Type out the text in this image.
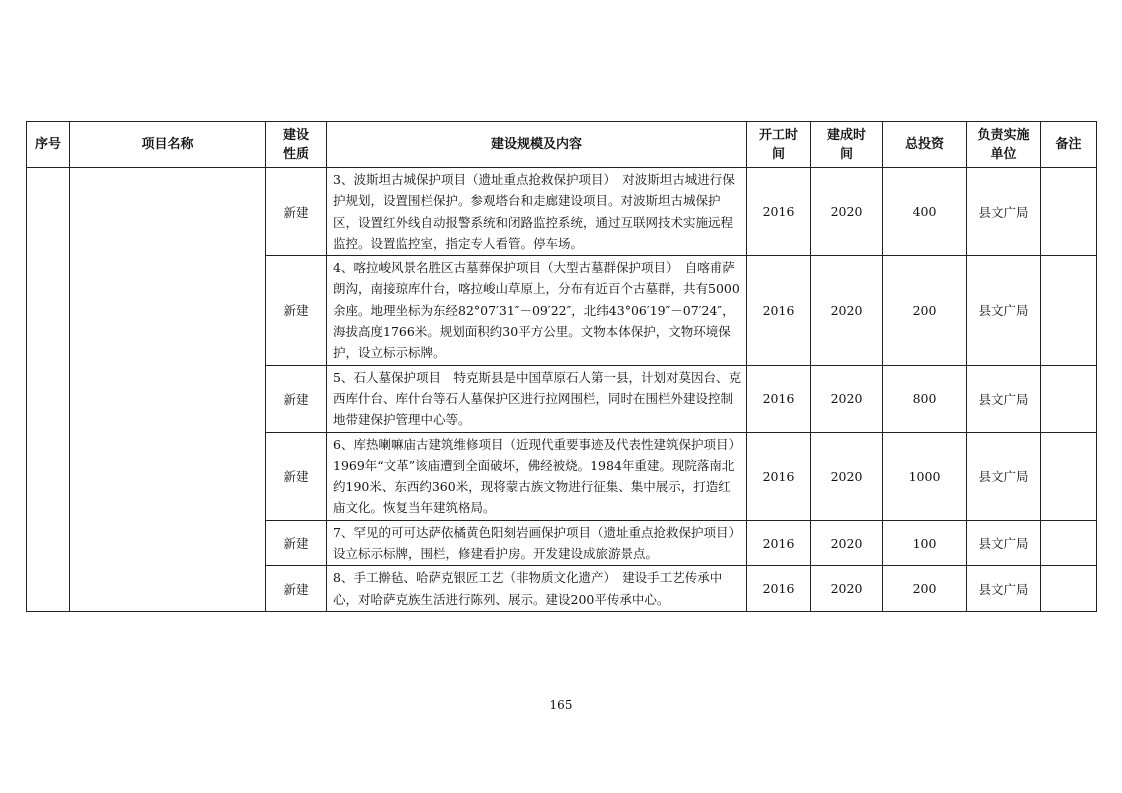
序号	项目名称	建设性质	建设规模及内容	开工时间	建成时间	总投资	负责实施单位	备注
		新建	3、波斯坦古城保护项目（遗址重点抢救保护项目）　对波斯坦古城进行保护规划，设置围栏保护。参观塔台和走廊建设项目。对波斯坦古城保护区，设置红外线自动报警系统和闭路监控系统，通过互联网技术实施远程监控。设置监控室，指定专人看管。停车场。	2016	2020	400	县文广局	
		新建	4、喀拉峻风景名胜区古墓葬保护项目（大型古墓群保护项目）　自喀甫萨朗沟，南接琼库什台，喀拉峻山草原上，分布有近百个古墓群，共有5000余座。地理坐标为东经82°07′31″－09′22″，北纬43°06′19″－07′24″，海拔高度1766米。规划面积约30平方公里。文物本体保护，文物环境保护，设立标示标牌。	2016	2020	200	县文广局	
		新建	5、石人墓保护项目　特克斯县是中国草原石人第一县，计划对莫因台、克西库什台、库什台等石人墓保护区进行拉网围栏，同时在围栏外建设控制地带建保护管理中心等。	2016	2020	800	县文广局	
		新建	6、库热喇嘛庙古建筑维修项目（近现代重要事迹及代表性建筑保护项目）　1969年“文革”该庙遭到全面破坏，佛经被烧。1984年重建。现院落南北约190米、东西约360米，现将蒙古族文物进行征集、集中展示，打造红庙文化。恢复当年建筑格局。	2016	2020	1000	县文广局	
		新建	7、罕见的可可达萨依橘黄色阳刻岩画保护项目（遗址重点抢救保护项目）　设立标示标牌，围栏，修建看护房。开发建设成旅游景点。	2016	2020	100	县文广局	
		新建	8、手工擀毡、哈萨克银匠工艺（非物质文化遗产）　建设手工艺传承中心，对哈萨克族生活进行陈列、展示。建设200平传承中心。	2016	2020	200	县文广局	
165
